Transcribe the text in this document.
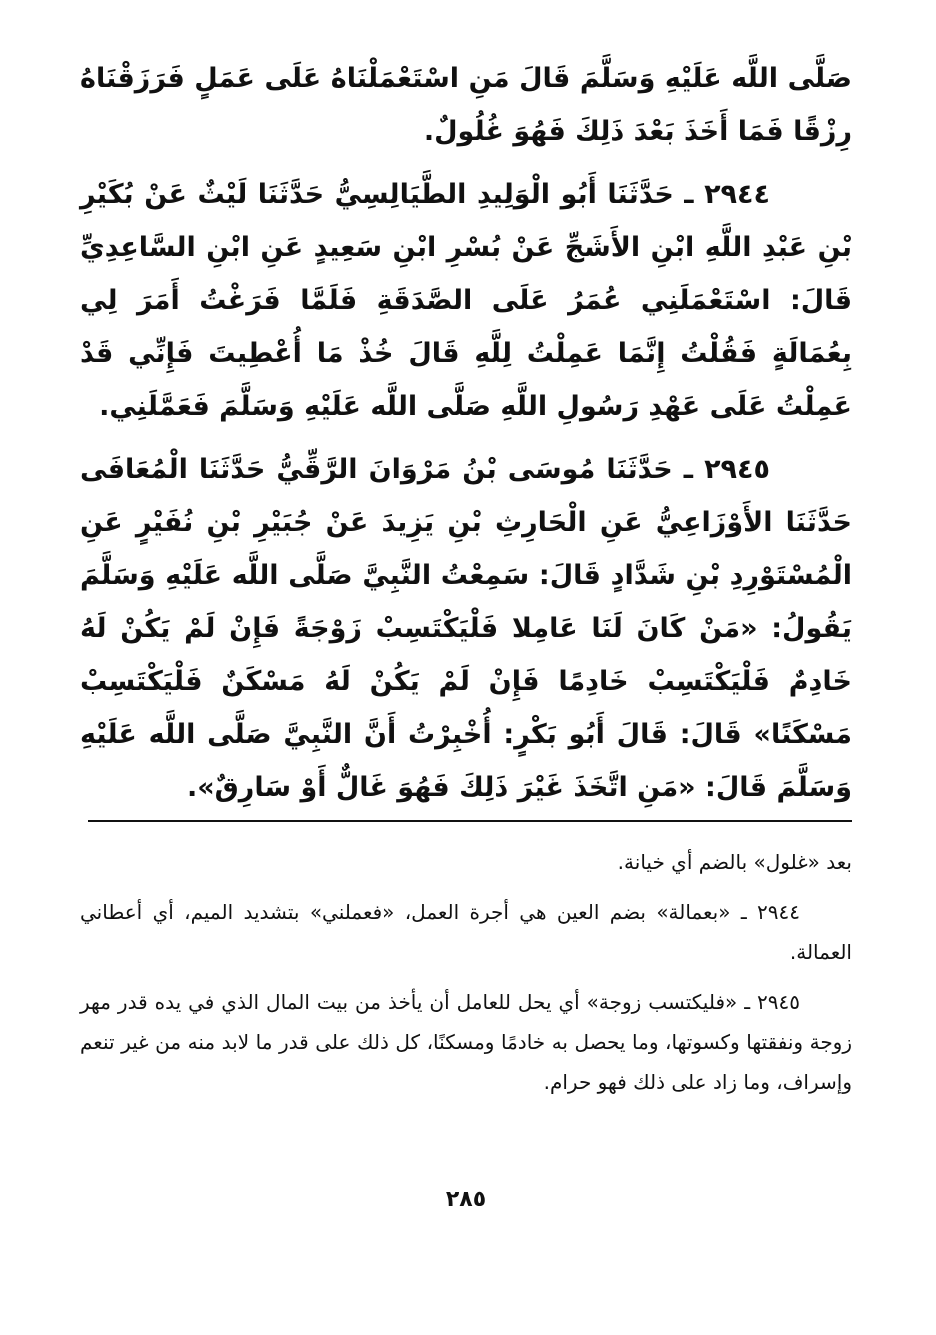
صَلَّى اللَّه عَلَيْهِ وَسَلَّمَ قَالَ مَنِ اسْتَعْمَلْنَاهُ عَلَى عَمَلٍ فَرَزَقْنَاهُ رِزْقًا فَمَا أَخَذَ بَعْدَ ذَلِكَ فَهُوَ غُلُولٌ.

٢٩٤٤ ـ حَدَّثَنَا أَبُو الْوَلِيدِ الطَّيَالِسِيُّ حَدَّثَنَا لَيْثٌ عَنْ بُكَيْرِ بْنِ عَبْدِ اللَّهِ ابْنِ الأَشَجِّ عَنْ بُسْرِ ابْنِ سَعِيدٍ عَنِ ابْنِ السَّاعِدِيِّ قَالَ: اسْتَعْمَلَنِي عُمَرُ عَلَى الصَّدَقَةِ فَلَمَّا فَرَغْتُ أَمَرَ لِي بِعُمَالَةٍ فَقُلْتُ إِنَّمَا عَمِلْتُ لِلَّهِ قَالَ خُذْ مَا أُعْطِيتَ فَإِنِّي قَدْ عَمِلْتُ عَلَى عَهْدِ رَسُولِ اللَّهِ صَلَّى اللَّه عَلَيْهِ وَسَلَّمَ فَعَمَّلَنِي.

٢٩٤٥ ـ حَدَّثَنَا مُوسَى بْنُ مَرْوَانَ الرَّقِّيُّ حَدَّثَنَا الْمُعَافَى حَدَّثَنَا الأَوْزَاعِيُّ عَنِ الْحَارِثِ بْنِ يَزِيدَ عَنْ جُبَيْرِ بْنِ نُفَيْرٍ عَنِ الْمُسْتَوْرِدِ بْنِ شَدَّادٍ قَالَ: سَمِعْتُ النَّبِيَّ صَلَّى اللَّه عَلَيْهِ وَسَلَّمَ يَقُولُ: «مَنْ كَانَ لَنَا عَامِلا فَلْيَكْتَسِبْ زَوْجَةً فَإِنْ لَمْ يَكُنْ لَهُ خَادِمٌ فَلْيَكْتَسِبْ خَادِمًا فَإِنْ لَمْ يَكُنْ لَهُ مَسْكَنٌ فَلْيَكْتَسِبْ مَسْكَنًا» قَالَ: قَالَ أَبُو بَكْرٍ: أُخْبِرْتُ أَنَّ النَّبِيَّ صَلَّى اللَّه عَلَيْهِ وَسَلَّمَ قَالَ: «مَنِ اتَّخَذَ غَيْرَ ذَلِكَ فَهُوَ غَالٌّ أَوْ سَارِقٌ».

بعد «غلول» بالضم أي خيانة.

٢٩٤٤ ـ «بعمالة» بضم العين هي أجرة العمل، «فعملني» بتشديد الميم، أي أعطاني العمالة.

٢٩٤٥ ـ «فليكتسب زوجة» أي يحل للعامل أن يأخذ من بيت المال الذي في يده قدر مهر زوجة ونفقتها وكسوتها، وما يحصل به خادمًا ومسكنًا، كل ذلك على قدر ما لابد منه من غير تنعم وإسراف، وما زاد على ذلك فهو حرام.

٢٨٥
